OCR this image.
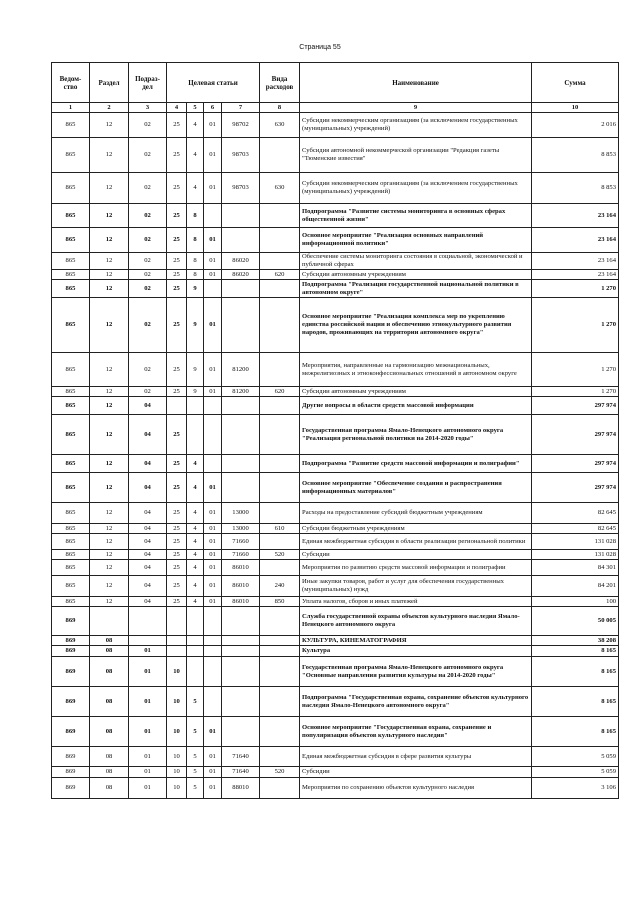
Страница 55
Ведом-ство	Раздел	Подраз-дел	Целевая статьи				Вида расходов	Наименование	Сумма
1	2	3	4	5	6	7	8	9	10
865	12	02	25	4	01	98702	630	Субсидии некоммерческим организациям (за исключением государственных (муниципальных) учреждений)	2 016
865	12	02	25	4	01	98703		Субсидия автономной некоммерческой организации "Редакция газеты "Тюменские известия"	8 853
865	12	02	25	4	01	98703	630	Субсидии некоммерческим организациям (за исключением государственных (муниципальных) учреждений)	8 853
865	12	02	25	8				Подпрограмма "Развитие системы мониторинга в основных сферах общественной жизни"	23 164
865	12	02	25	8	01			Основное мероприятие "Реализация основных направлений информационной политики"	23 164
865	12	02	25	8	01	86020		Обеспечение системы мониторинга состояния в социальной, экономической и публичной сферах	23 164
865	12	02	25	8	01	86020	620	Субсидии автономным учреждениям	23 164
865	12	02	25	9				Подпрограмма "Реализация государственной национальной политики в автономном округе"	1 270
865	12	02	25	9	01			Основное мероприятие "Реализация комплекса мер по укреплению единства российской нации и обеспечению этнокультурного развития народов, проживающих на территории автономного округа"	1 270
865	12	02	25	9	01	81200		Мероприятия, направленные на гармонизацию межнациональных, межрелигиозных и этноконфессиональных отношений в автономном округе	1 270
865	12	02	25	9	01	81200	620	Субсидии автономным учреждениям	1 270
865	12	04						Другие вопросы в области средств массовой информации	297 974
865	12	04	25					Государственная программа Ямало-Ненецкого автономного округа "Реализация региональной политики на 2014-2020 годы"	297 974
865	12	04	25	4				Подпрограмма "Развитие средств массовой информации и полиграфии"	297 974
865	12	04	25	4	01			Основное мероприятие "Обеспечение создания и распространения информационных материалов"	297 974
865	12	04	25	4	01	13000		Расходы на предоставление субсидий бюджетным учреждениям	82 645
865	12	04	25	4	01	13000	610	Субсидии бюджетным учреждениям	82 645
865	12	04	25	4	01	71660		Единая межбюджетная субсидия в области реализации региональной политики	131 028
865	12	04	25	4	01	71660	520	Субсидии	131 028
865	12	04	25	4	01	86010		Мероприятия по развитию средств массовой информации и полиграфии	84 301
865	12	04	25	4	01	86010	240	Иные закупки товаров, работ и услуг для обеспечения государственных (муниципальных) нужд	84 201
865	12	04	25	4	01	86010	850	Уплата налогов, сборов и иных платежей	100
869								Служба государственной охраны объектов культурного наследия Ямало-Ненецкого автономного округа	50 005
869	08							КУЛЬТУРА, КИНЕМАТОГРАФИЯ	38 208
869	08	01						Культура	8 165
869	08	01	10					Государственная программа Ямало-Ненецкого автономного округа "Основные направления развития культуры на 2014-2020 годы"	8 165
869	08	01	10	5				Подпрограмма "Государственная охрана, сохранение объектов культурного наследия Ямало-Ненецкого автономного округа"	8 165
869	08	01	10	5	01			Основное мероприятие "Государственная охрана, сохранение и популяризация объектов культурного наследия"	8 165
869	08	01	10	5	01	71640		Единая межбюджетная субсидия в сфере развития культуры	5 059
869	08	01	10	5	01	71640	520	Субсидии	5 059
869	08	01	10	5	01	88010		Мероприятия по сохранению объектов культурного наследия	3 106
